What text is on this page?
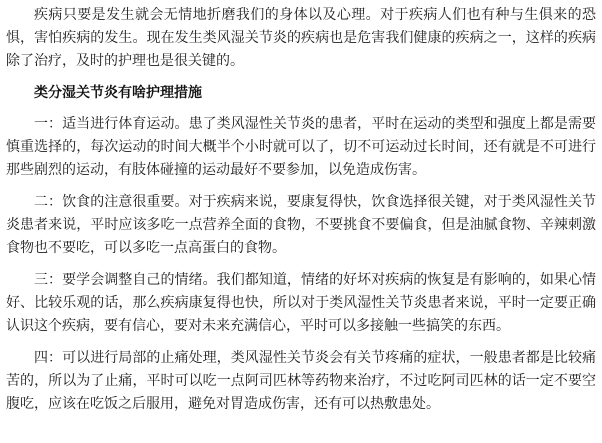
疾病只要是发生就会无情地折磨我们的身体以及心理。对于疾病人们也有种与生俱来的恐惧，害怕疾病的发生。现在发生类风湿关节炎的疾病也是危害我们健康的疾病之一，这样的疾病除了治疗，及时的护理也是很关键的。

类分湿关节炎有啥护理措施

一：适当进行体育运动。患了类风湿性关节炎的患者，平时在运动的类型和强度上都是需要慎重选择的，每次运动的时间大概半个小时就可以了，切不可运动过长时间，还有就是不可进行那些剧烈的运动，有肢体碰撞的运动最好不要参加，以免造成伤害。

二：饮食的注意很重要。对于疾病来说，要康复得快，饮食选择很关键，对于类风湿性关节炎患者来说，平时应该多吃一点营养全面的食物，不要挑食不要偏食，但是油腻食物、辛辣刺激食物也不要吃，可以多吃一点高蛋白的食物。

三：要学会调整自己的情绪。我们都知道，情绪的好坏对疾病的恢复是有影响的，如果心情好、比较乐观的话，那么疾病康复得也快，所以对于类风湿性关节炎患者来说，平时一定要正确认识这个疾病，要有信心，要对未来充满信心，平时可以多接触一些搞笑的东西。

四：可以进行局部的止痛处理，类风湿性关节炎会有关节疼痛的症状，一般患者都是比较痛苦的，所以为了止痛，平时可以吃一点阿司匹林等药物来治疗，不过吃阿司匹林的话一定不要空腹吃，应该在吃饭之后服用，避免对胃造成伤害，还有可以热敷患处。
